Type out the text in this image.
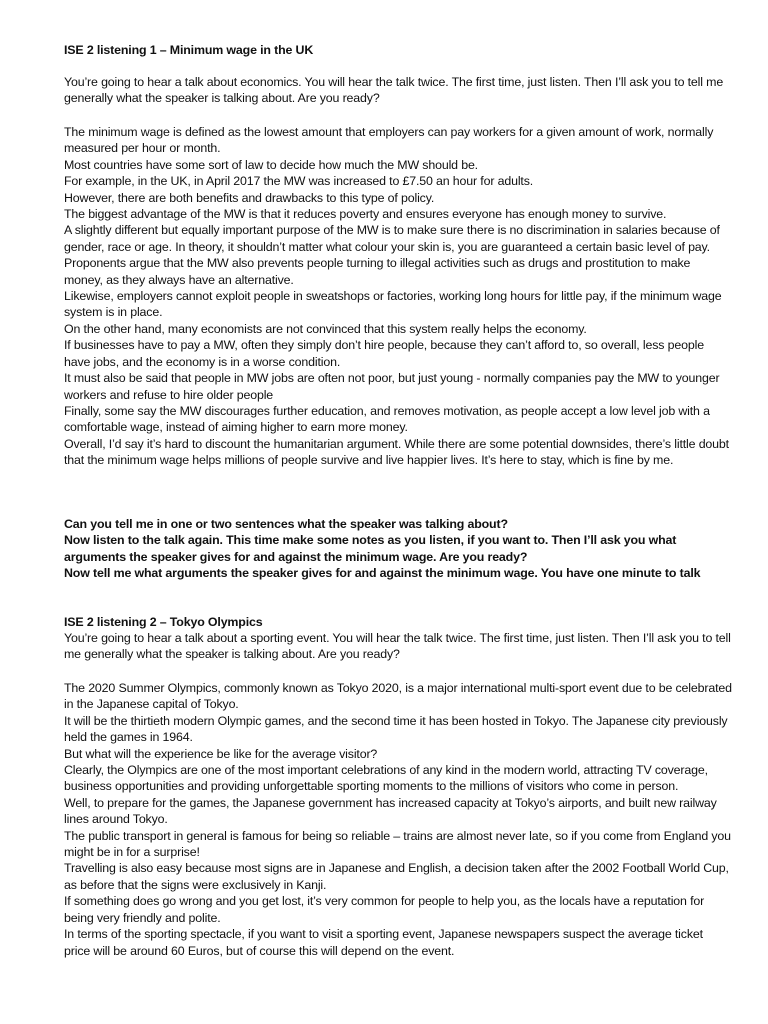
ISE 2 listening 1 – Minimum wage in the UK

You’re going to hear a talk about economics. You will hear the talk twice. The first time, just listen. Then I’ll ask you to tell me generally what the speaker is talking about. Are you ready?

The minimum wage is defined as the lowest amount that employers can pay workers for a given amount of work, normally measured per hour or month.

Most countries have some sort of law to decide how much the MW should be.

For example, in the UK, in April 2017 the MW was increased to £7.50 an hour for adults.

However, there are both benefits and drawbacks to this type of policy.

The biggest advantage of the MW is that it reduces poverty and ensures everyone has enough money to survive.

A slightly different but equally important purpose of the MW is to make sure there is no discrimination in salaries because of gender, race or age. In theory, it shouldn’t matter what colour your skin is, you are guaranteed a certain basic level of pay.

Proponents argue that the MW also prevents people turning to illegal activities such as drugs and prostitution to make money, as they always have an alternative.

Likewise, employers cannot exploit people in sweatshops or factories, working long hours for little pay, if the minimum wage system is in place.

On the other hand, many economists are not convinced that this system really helps the economy.

If businesses have to pay a MW, often they simply don’t hire people, because they can’t afford to, so overall, less people have jobs, and the economy is in a worse condition.

It must also be said that people in MW jobs are often not poor, but just young - normally companies pay the MW to younger workers and refuse to hire older people

Finally, some say the MW discourages further education, and removes motivation, as people accept a low level job with a comfortable wage, instead of aiming higher to earn more money.

Overall, I’d say it’s hard to discount the humanitarian argument. While there are some potential downsides, there’s little doubt that the minimum wage helps millions of people survive and live happier lives. It’s here to stay, which is fine by me.

Can you tell me in one or two sentences what the speaker was talking about?

Now listen to the talk again. This time make some notes as you listen, if you want to. Then I’ll ask you what arguments the speaker gives for and against the minimum wage. Are you ready?

Now tell me what arguments the speaker gives for and against the minimum wage. You have one minute to talk

ISE 2 listening 2 – Tokyo Olympics

You’re going to hear a talk about a sporting event. You will hear the talk twice. The first time, just listen. Then I’ll ask you to tell me generally what the speaker is talking about. Are you ready?

The 2020 Summer Olympics, commonly known as Tokyo 2020, is a major international multi-sport event due to be celebrated in the Japanese capital of Tokyo.

It will be the thirtieth modern Olympic games, and the second time it has been hosted in Tokyo. The Japanese city previously held the games in 1964.

But what will the experience be like for the average visitor?

Clearly, the Olympics are one of the most important celebrations of any kind in the modern world, attracting TV coverage, business opportunities and providing unforgettable sporting moments to the millions of visitors who come in person.

Well, to prepare for the games, the Japanese government has increased capacity at Tokyo’s airports, and built new railway lines around Tokyo.

The public transport in general is famous for being so reliable – trains are almost never late, so if you come from England you might be in for a surprise!

Travelling is also easy because most signs are in Japanese and English, a decision taken after the 2002 Football World Cup, as before that the signs were exclusively in Kanji.

If something does go wrong and you get lost, it’s very common for people to help you, as the locals have a reputation for being very friendly and polite.

In terms of the sporting spectacle, if you want to visit a sporting event, Japanese newspapers suspect the average ticket price will be around 60 Euros, but of course this will depend on the event.
